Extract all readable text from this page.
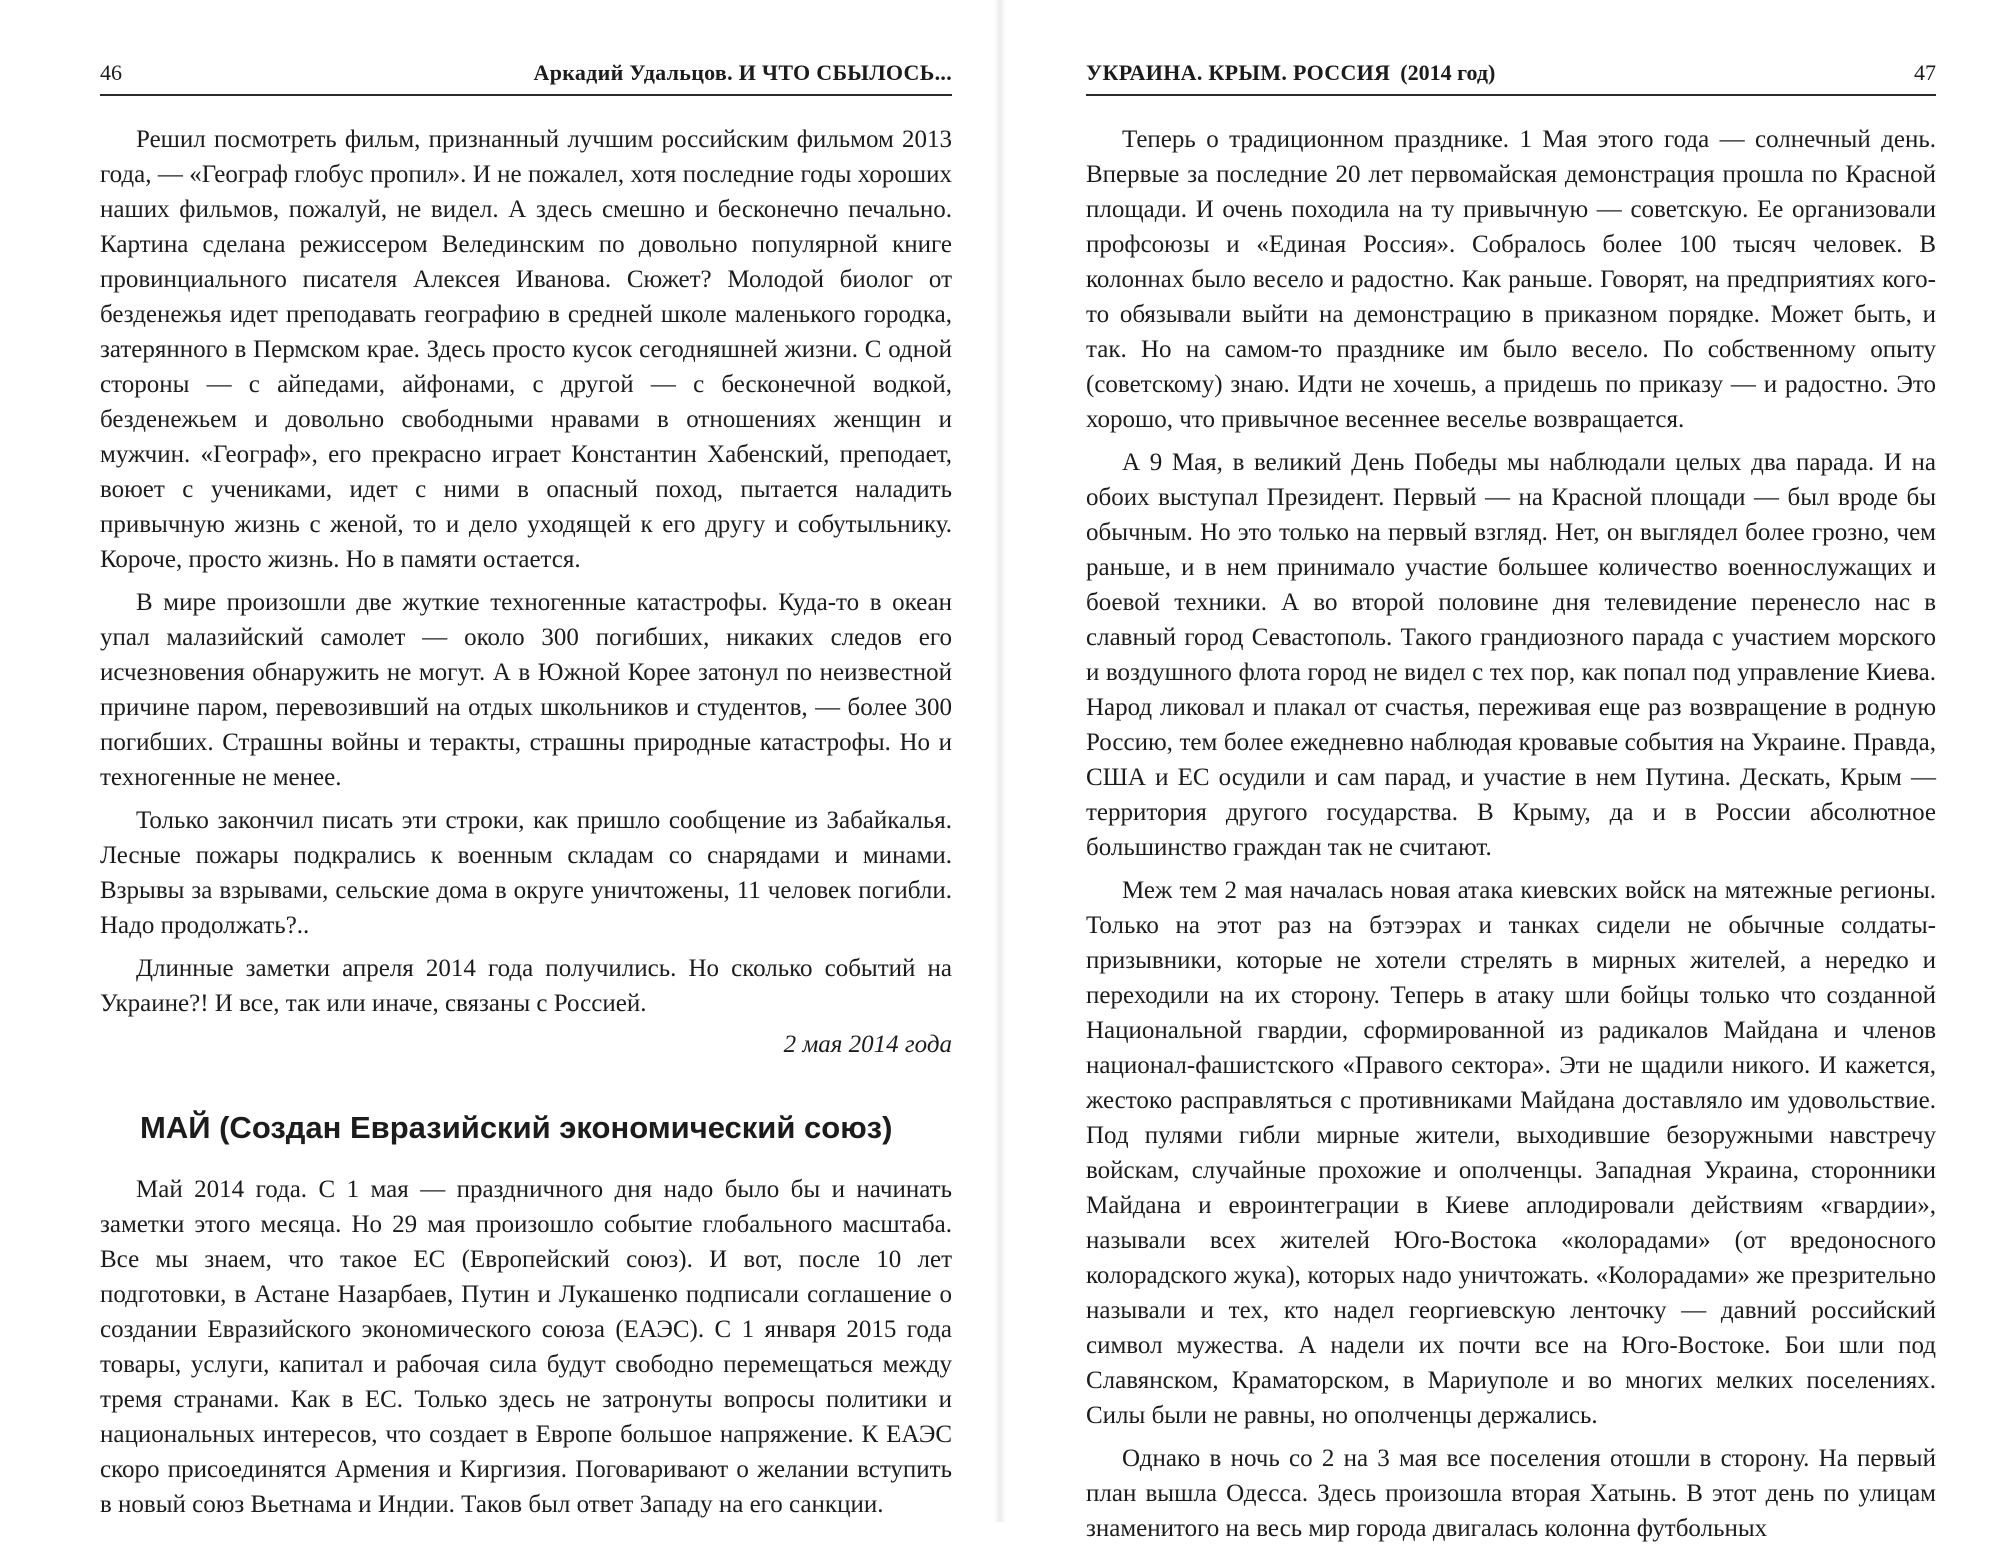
46	Аркадий Удальцов. И ЧТО СБЫЛОСЬ...

Решил посмотреть фильм, признанный лучшим российским фильмом 2013 года, — «Географ глобус пропил». И не пожалел, хотя последние годы хороших наших фильмов, пожалуй, не видел. А здесь смешно и бесконечно печально. Картина сделана режиссером Велединским по довольно популярной книге провинциального писателя Алексея Иванова. Сюжет? Молодой биолог от безденежья идет преподавать географию в средней школе маленького городка, затерянного в Пермском крае. Здесь просто кусок сегодняшней жизни. С одной стороны — с айпедами, айфонами, с другой — с бесконечной водкой, безденежьем и довольно свободными нравами в отношениях женщин и мужчин. «Географ», его прекрасно играет Константин Хабенский, преподает, воюет с учениками, идет с ними в опасный поход, пытается наладить привычную жизнь с женой, то и дело уходящей к его другу и собутыльнику. Короче, просто жизнь. Но в памяти остается.

В мире произошли две жуткие техногенные катастрофы. Куда-то в океан упал малазийский самолет — около 300 погибших, никаких следов его исчезновения обнаружить не могут. А в Южной Корее затонул по неизвестной причине паром, перевозивший на отдых школьников и студентов, — более 300 погибших. Страшны войны и теракты, страшны природные катастрофы. Но и техногенные не менее.

Только закончил писать эти строки, как пришло сообщение из Забайкалья. Лесные пожары подкрались к военным складам со снарядами и минами. Взрывы за взрывами, сельские дома в округе уничтожены, 11 человек погибли. Надо продолжать?..

Длинные заметки апреля 2014 года получились. Но сколько событий на Украине?! И все, так или иначе, связаны с Россией.

2 мая 2014 года
МАЙ (Создан Евразийский экономический союз)

Май 2014 года. С 1 мая — праздничного дня надо было бы и начинать заметки этого месяца. Но 29 мая произошло событие глобального масштаба. Все мы знаем, что такое ЕС (Европейский союз). И вот, после 10 лет подготовки, в Астане Назарбаев, Путин и Лукашенко подписали соглашение о создании Евразийского экономического союза (ЕАЭС). С 1 января 2015 года товары, услуги, капитал и рабочая сила будут свободно перемещаться между тремя странами. Как в ЕС. Только здесь не затронуты вопросы политики и национальных интересов, что создает в Европе большое напряжение. К ЕАЭС скоро присоединятся Армения и Киргизия. Поговаривают о желании вступить в новый союз Вьетнама и Индии. Таков был ответ Западу на его санкции.

УКРАИНА. КРЫМ. РОССИЯ (2014 год)	47

Теперь о традиционном празднике. 1 Мая этого года — солнечный день. Впервые за последние 20 лет первомайская демонстрация прошла по Красной площади. И очень походила на ту привычную — советскую. Ее организовали профсоюзы и «Единая Россия». Собралось более 100 тысяч человек. В колоннах было весело и радостно. Как раньше. Говорят, на предприятиях кого-то обязывали выйти на демонстрацию в приказном порядке. Может быть, и так. Но на самом-то празднике им было весело. По собственному опыту (советскому) знаю. Идти не хочешь, а придешь по приказу — и радостно. Это хорошо, что привычное весеннее веселье возвращается.

А 9 Мая, в великий День Победы мы наблюдали целых два парада. И на обоих выступал Президент. Первый — на Красной площади — был вроде бы обычным. Но это только на первый взгляд. Нет, он выглядел более грозно, чем раньше, и в нем принимало участие большее количество военнослужащих и боевой техники. А во второй половине дня телевидение перенесло нас в славный город Севастополь. Такого грандиозного парада с участием морского и воздушного флота город не видел с тех пор, как попал под управление Киева. Народ ликовал и плакал от счастья, переживая еще раз возвращение в родную Россию, тем более ежедневно наблюдая кровавые события на Украине. Правда, США и ЕС осудили и сам парад, и участие в нем Путина. Дескать, Крым — территория другого государства. В Крыму, да и в России абсолютное большинство граждан так не считают.

Меж тем 2 мая началась новая атака киевских войск на мятежные регионы. Только на этот раз на бэтээрах и танках сидели не обычные солдаты-призывники, которые не хотели стрелять в мирных жителей, а нередко и переходили на их сторону. Теперь в атаку шли бойцы только что созданной Национальной гвардии, сформированной из радикалов Майдана и членов национал-фашистского «Правого сектора». Эти не щадили никого. И кажется, жестоко расправляться с противниками Майдана доставляло им удовольствие. Под пулями гибли мирные жители, выходившие безоружными навстречу войскам, случайные прохожие и ополченцы. Западная Украина, сторонники Майдана и евроинтеграции в Киеве аплодировали действиям «гвардии», называли всех жителей Юго-Востока «колорадами» (от вредоносного колорадского жука), которых надо уничтожать. «Колорадами» же презрительно называли и тех, кто надел георгиевскую ленточку — давний российский символ мужества. А надели их почти все на Юго-Востоке. Бои шли под Славянском, Краматорском, в Мариуполе и во многих мелких поселениях. Силы были не равны, но ополченцы держались.

Однако в ночь со 2 на 3 мая все поселения отошли в сторону. На первый план вышла Одесса. Здесь произошла вторая Хатынь. В этот день по улицам знаменитого на весь мир города двигалась колонна футбольных
